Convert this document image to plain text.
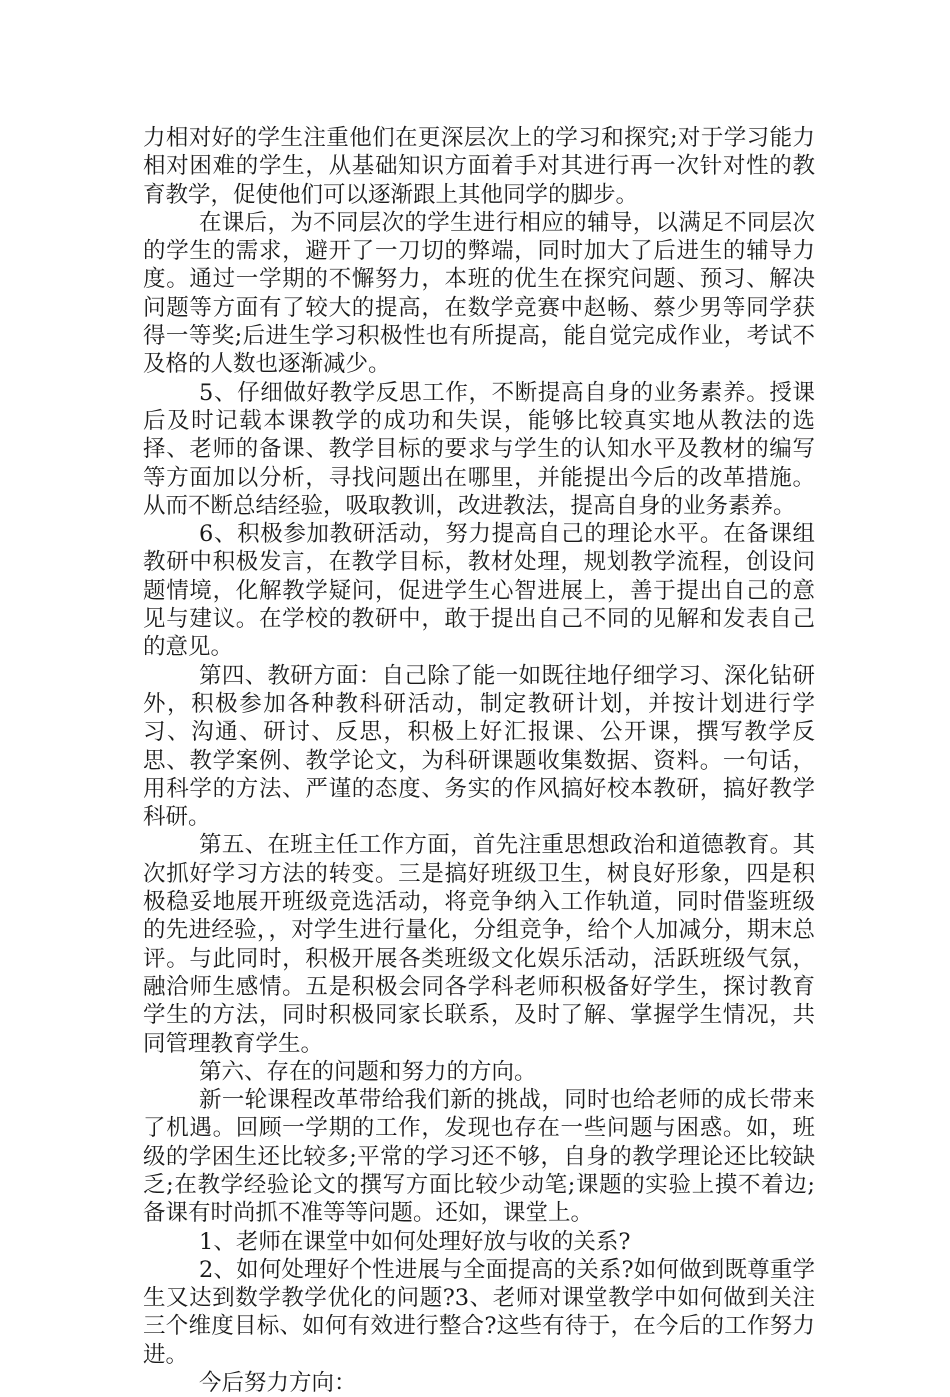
力相对好的学生注重他们在更深层次上的学习和探究;对于学习能力相对困难的学生，从基础知识方面着手对其进行再一次针对性的教育教学，促使他们可以逐渐跟上其他同学的脚步。

在课后，为不同层次的学生进行相应的辅导，以满足不同层次的学生的需求，避开了一刀切的弊端，同时加大了后进生的辅导力度。通过一学期的不懈努力，本班的优生在探究问题、预习、解决问题等方面有了较大的提高，在数学竞赛中赵畅、蔡少男等同学获得一等奖;后进生学习积极性也有所提高，能自觉完成作业，考试不及格的人数也逐渐减少。

5、仔细做好教学反思工作，不断提高自身的业务素养。授课后及时记载本课教学的成功和失误，能够比较真实地从教法的选择、老师的备课、教学目标的要求与学生的认知水平及教材的编写等方面加以分析，寻找问题出在哪里，并能提出今后的改革措施。从而不断总结经验，吸取教训，改进教法，提高自身的业务素养。

6、积极参加教研活动，努力提高自己的理论水平。在备课组教研中积极发言，在教学目标，教材处理，规划教学流程，创设问题情境，化解教学疑问，促进学生心智进展上，善于提出自己的意见与建议。在学校的教研中，敢于提出自己不同的见解和发表自己的意见。

第四、教研方面：自己除了能一如既往地仔细学习、深化钻研外，积极参加各种教科研活动，制定教研计划，并按计划进行学习、沟通、研讨、反思，积极上好汇报课、公开课，撰写教学反思、教学案例、教学论文，为科研课题收集数据、资料。一句话，用科学的方法、严谨的态度、务实的作风搞好校本教研，搞好教学科研。

第五、在班主任工作方面，首先注重思想政治和道德教育。其次抓好学习方法的转变。三是搞好班级卫生，树良好形象，四是积极稳妥地展开班级竞选活动，将竞争纳入工作轨道，同时借鉴班级的先进经验，，对学生进行量化，分组竞争，给个人加减分，期末总评。与此同时，积极开展各类班级文化娱乐活动，活跃班级气氛，融洽师生感情。五是积极会同各学科老师积极备好学生，探讨教育学生的方法，同时积极同家长联系，及时了解、掌握学生情况，共同管理教育学生。

第六、存在的问题和努力的方向。

新一轮课程改革带给我们新的挑战，同时也给老师的成长带来了机遇。回顾一学期的工作，发现也存在一些问题与困惑。如，班级的学困生还比较多;平常的学习还不够，自身的教学理论还比较缺乏;在教学经验论文的撰写方面比较少动笔;课题的实验上摸不着边;备课有时尚抓不准等等问题。还如，课堂上。

1、老师在课堂中如何处理好放与收的关系?

2、如何处理好个性进展与全面提高的关系?如何做到既尊重学生又达到数学教学优化的问题?3、老师对课堂教学中如何做到关注三个维度目标、如何有效进行整合?这些有待于，在今后的工作努力进。

今后努力方向：
